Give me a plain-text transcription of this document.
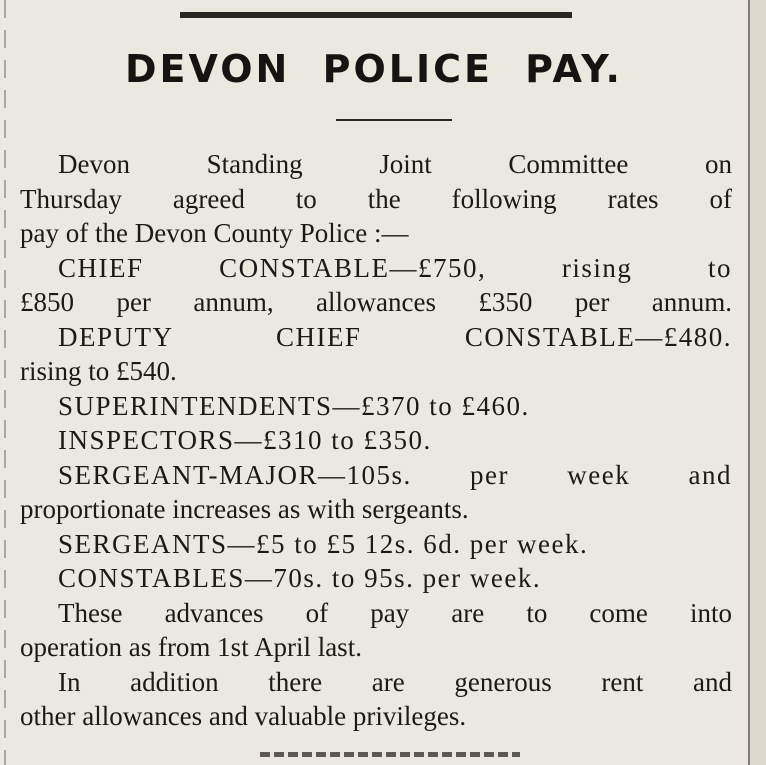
DEVON POLICE PAY.
Devon Standing Joint Committee on
Thursday agreed to the following rates of
pay of the Devon County Police :—
CHIEF CONSTABLE—£750, rising to
£850 per annum, allowances £350 per annum.
DEPUTY CHIEF CONSTABLE—£480.
rising to £540.
SUPERINTENDENTS—£370 to £460.
INSPECTORS—£310 to £350.
SERGEANT-MAJOR—105s. per week and
proportionate increases as with sergeants.
SERGEANTS—£5 to £5 12s. 6d. per week.
CONSTABLES—70s. to 95s. per week.
These advances of pay are to come into
operation as from 1st April last.
In addition there are generous rent and
other allowances and valuable privileges.
